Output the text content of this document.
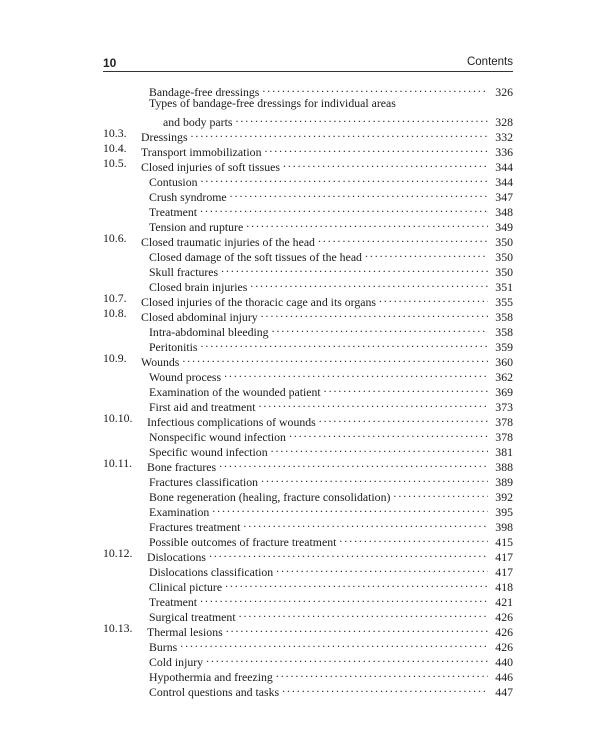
10	Contents
Bandage-free dressings . . .	326
Types of bandage-free dressings for individual areas
and body parts . . .	328
10.3.	Dressings . . .	332
10.4.	Transport immobilization . . .	336
10.5.	Closed injuries of soft tissues . . .	344
Contusion . . .	344
Crush syndrome . . .	347
Treatment . . .	348
Tension and rupture . . .	349
10.6.	Closed traumatic injuries of the head . . .	350
Closed damage of the soft tissues of the head . . .	350
Skull fractures . . .	350
Closed brain injuries . . .	351
10.7.	Closed injuries of the thoracic cage and its organs . . .	355
10.8.	Closed abdominal injury . . .	358
Intra-abdominal bleeding . . .	358
Peritonitis . . .	359
10.9.	Wounds . . .	360
Wound process . . .	362
Examination of the wounded patient . . .	369
First aid and treatment . . .	373
10.10.	Infectious complications of wounds . . .	378
Nonspecific wound infection . . .	378
Specific wound infection . . .	381
10.11.	Bone fractures . . .	388
Fractures classification . . .	389
Bone regeneration (healing, fracture consolidation) . . .	392
Examination . . .	395
Fractures treatment . . .	398
Possible outcomes of fracture treatment . . .	415
10.12.	Dislocations . . .	417
Dislocations classification . . .	417
Clinical picture . . .	418
Treatment . . .	421
Surgical treatment . . .	426
10.13.	Thermal lesions . . .	426
Burns . . .	426
Cold injury . . .	440
Hypothermia and freezing . . .	446
Control questions and tasks . . .	447
